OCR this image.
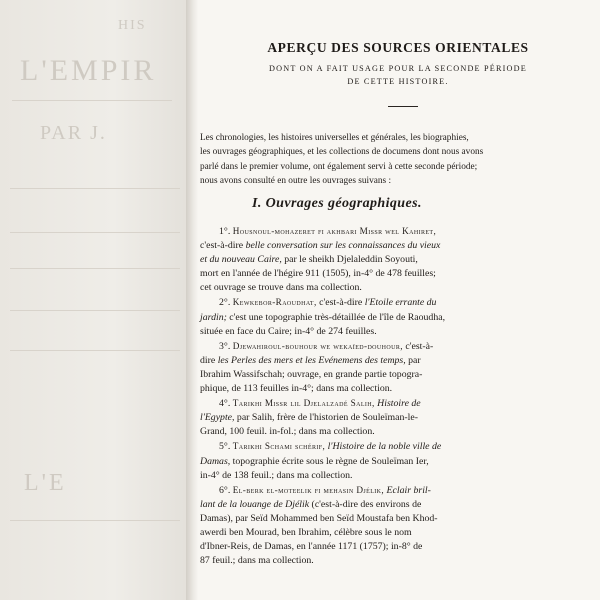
HIS
L'EMPIR
PAR J.
L'E
APERÇU DES SOURCES ORIENTALES
DONT ON A FAIT USAGE POUR LA SECONDE PÉRIODE
DE CETTE HISTOIRE.
Les chronologies, les histoires universelles et générales, les biographies,
les ouvrages géographiques, et les collections de documens dont nous avons
parlé dans le premier volume, ont également servi à cette seconde période;
nous avons consulté en outre les ouvrages suivans :
I. Ouvrages géographiques.
1°. Housnoul-mohazeret fi akhbari Missr wel Kahiret,
c'est-à-dire belle conversation sur les connaissances du vieux
et du nouveau Caire, par le sheikh Djelaleddin Soyouti,
mort en l'année de l'hégire 911 (1505), in-4° de 478 feuilles;
cet ouvrage se trouve dans ma collection.
2°. Kewkebor-Raoudhat, c'est-à-dire l'Etoile errante du
jardin; c'est une topographie très-détaillée de l'île de Raoudha,
située en face du Caire; in-4° de 274 feuilles.
3°. Djewahiroul-bouhour we wekaïed-douhour, c'est-à-
dire les Perles des mers et les Evénemens des temps, par
Ibrahim Wassifschah; ouvrage, en grande partie topogra-
phique, de 113 feuilles in-4°; dans ma collection.
4°. Tarikhi Missr lil Djelalzadé Salih, Histoire de
l'Egypte, par Salih, frère de l'historien de Souleïman-le-
Grand, 100 feuil. in-fol.; dans ma collection.
5°. Tarikhi Schami schérif, l'Histoire de la noble ville de
Damas, topographie écrite sous le règne de Souleïman Ier,
in-4° de 138 feuil.; dans ma collection.
6°. El-berk el-moteelik fi mehasin Djélik, Eclair bril-
lant de la louange de Djélik (c'est-à-dire des environs de
Damas), par Seïd Mohammed ben Seïd Moustafa ben Khod-
awerdi ben Mourad, ben Ibrahim, célèbre sous le nom
d'Ibner-Reis, de Damas, en l'année 1171 (1757); in-8° de
87 feuil.; dans ma collection.
